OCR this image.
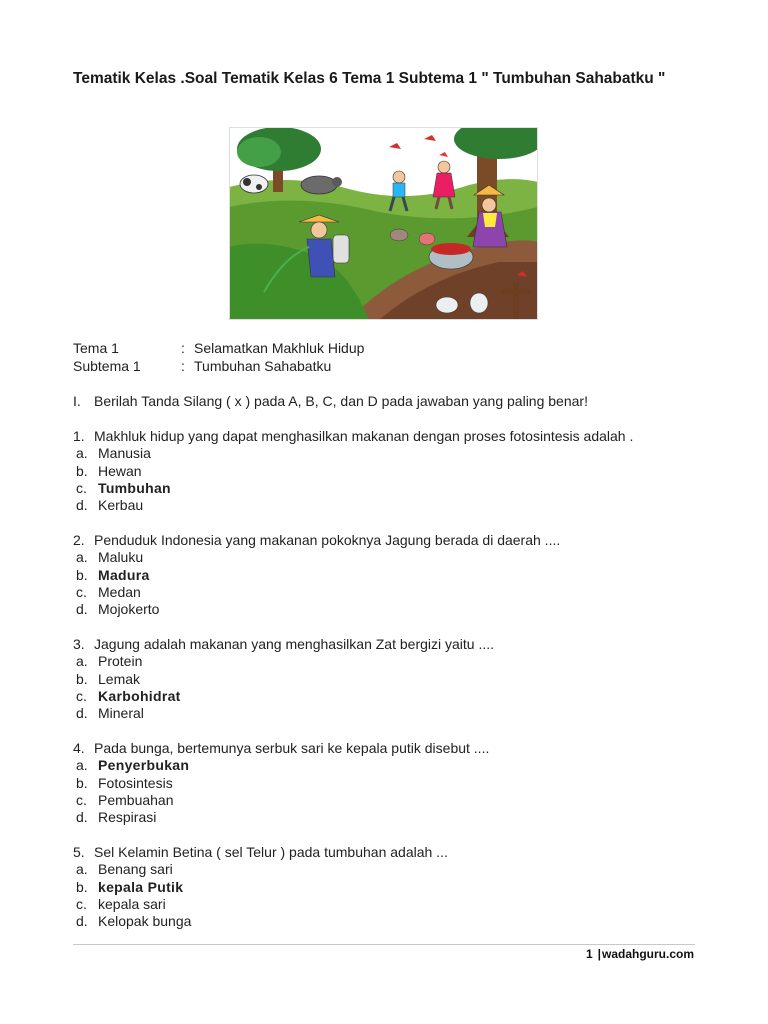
Tematik Kelas .Soal Tematik Kelas 6 Tema 1 Subtema 1 " Tumbuhan Sahabatku "
Tema 1	: Selamatkan Makhluk Hidup
Subtema 1	: Tumbuhan Sahabatku
I. Berilah Tanda Silang ( x ) pada A, B, C, dan D pada jawaban yang paling benar!
1. Makhluk hidup yang dapat menghasilkan makanan dengan proses fotosintesis adalah .
a. Manusia
b. Hewan
c. Tumbuhan
d. Kerbau
2. Penduduk Indonesia yang makanan pokoknya Jagung berada di daerah ....
a. Maluku
b. Madura
c. Medan
d. Mojokerto
3. Jagung adalah makanan yang menghasilkan Zat bergizi yaitu ....
a. Protein
b. Lemak
c. Karbohidrat
d. Mineral
4. Pada bunga, bertemunya serbuk sari ke kepala putik disebut ....
a. Penyerbukan
b. Fotosintesis
c. Pembuahan
d. Respirasi
5. Sel Kelamin Betina ( sel Telur ) pada tumbuhan adalah ...
a. Benang sari
b. kepala Putik
c. kepala sari
d. Kelopak bunga
1 |wadahguru.com
